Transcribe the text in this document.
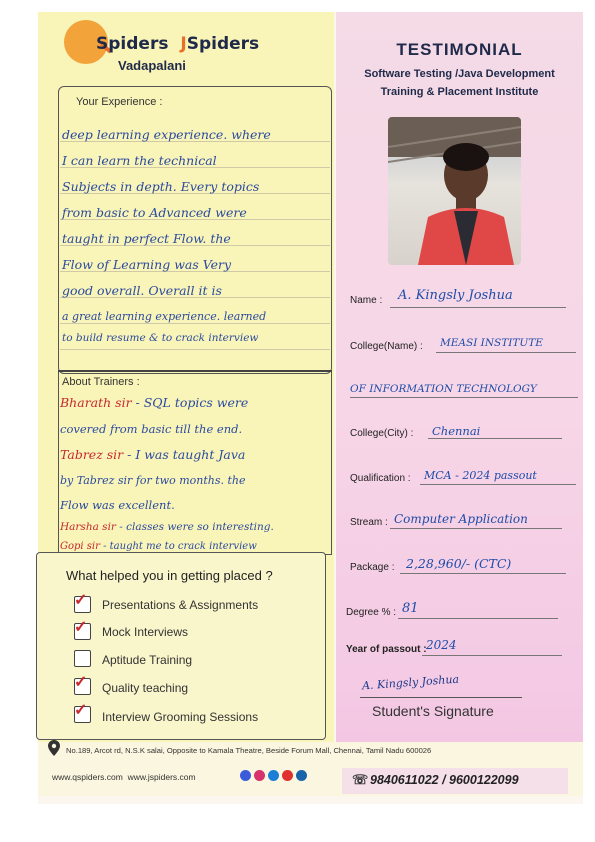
Spiders JSpiders
Vadapalani
TESTIMONIAL
Software Testing /Java Development
Training & Placement Institute
Your Experience :
deep learning experience. where
I can learn the technical
Subjects in depth. Every topics
from basic to Advanced were
taught in perfect Flow. the
Flow of Learning was Very
good overall. Overall it is
a great learning experience. learned
to build resume & to crack interview
About Trainers :
Bharath sir - SQL topics were
covered from basic till the end.
Tabrez sir - I was taught Java
by Tabrez sir for two months. the
Flow was excellent.
Harsha sir - classes were so interesting.
Gopi sir - taught me to crack interview
What helped you in getting placed ?
✓ Presentations & Assignments
✓ Mock Interviews
Aptitude Training
✓ Quality teaching
✓ Interview Grooming Sessions
Name : A. Kingsly Joshua
College(Name) : MEASI INSTITUTE
OF INFORMATION TECHNOLOGY
College(City) : Chennai
Qualification : MCA - 2024 passout
Stream : Computer Application
Package : 2,28,960/- (CTC)
Degree % : 81
Year of passout : 2024
A. Kingsly Joshua
Student's Signature
No.189, Arcot rd, N.S.K salai, Opposite to Kamala Theatre, Beside Forum Mall, Chennai, Tamil Nadu 600026
www.qspiders.com  www.jspiders.com	☏ 9840611022 / 9600122099
